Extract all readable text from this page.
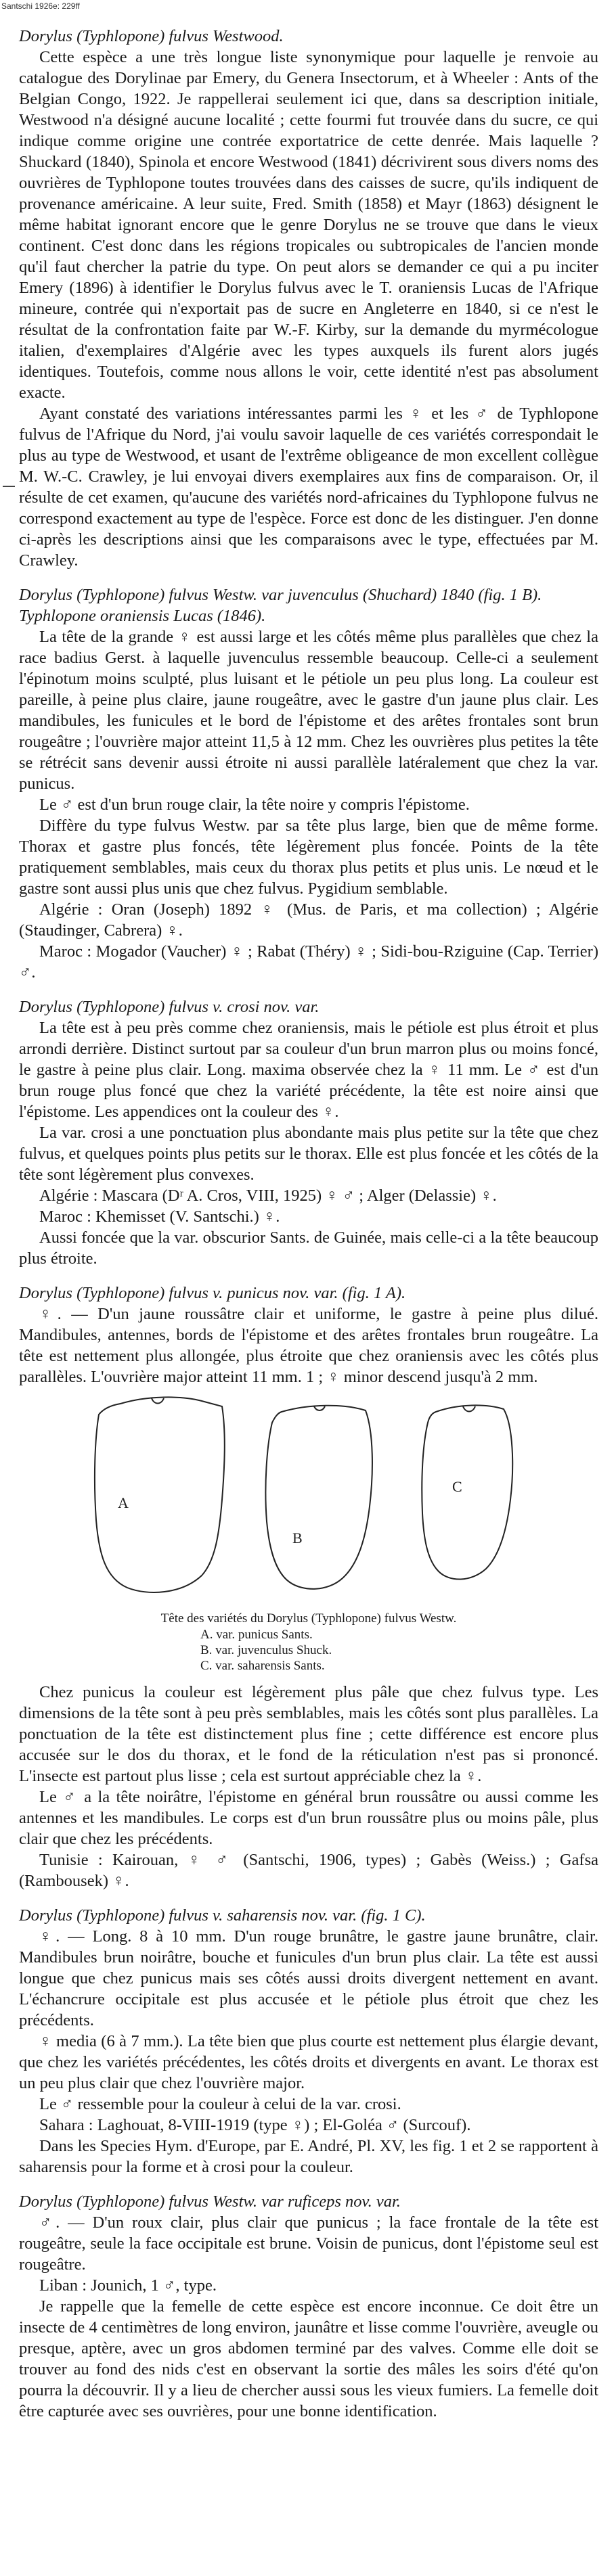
Santschi 1926e: 229ff

Dorylus (Typhlopone) fulvus Westwood.

Cette espèce a une très longue liste synonymique pour laquelle je renvoie au catalogue des Dorylinae par Emery, du Genera Insectorum, et à Wheeler : Ants of the Belgian Congo, 1922. Je rappellerai seulement ici que, dans sa description initiale, Westwood n'a désigné aucune localité ; cette fourmi fut trouvée dans du sucre, ce qui indique comme origine une contrée exportatrice de cette denrée. Mais laquelle ? Shuckard (1840), Spinola et encore Westwood (1841) décrivirent sous divers noms des ouvrières de Typhlopone toutes trouvées dans des caisses de sucre, qu'ils indiquent de provenance américaine. A leur suite, Fred. Smith (1858) et Mayr (1863) désignent le même habitat ignorant encore que le genre Dorylus ne se trouve que dans le vieux continent. C'est donc dans les régions tropicales ou subtropicales de l'ancien monde qu'il faut chercher la patrie du type. On peut alors se demander ce qui a pu inciter Emery (1896) à identifier le Dorylus fulvus avec le T. oraniensis Lucas de l'Afrique mineure, contrée qui n'exportait pas de sucre en Angleterre en 1840, si ce n'est le résultat de la confrontation faite par W.-F. Kirby, sur la demande du myrmécologue italien, d'exemplaires d'Algérie avec les types auxquels ils furent alors jugés identiques. Toutefois, comme nous allons le voir, cette identité n'est pas absolument exacte.

Ayant constaté des variations intéressantes parmi les ♀ et les ♂ de Typhlopone fulvus de l'Afrique du Nord, j'ai voulu savoir laquelle de ces variétés correspondait le plus au type de Westwood, et usant de l'extrême obligeance de mon excellent collègue M. W.-C. Crawley, je lui envoyai divers exemplaires aux fins de comparaison. Or, il résulte de cet examen, qu'aucune des variétés nord-africaines du Typhlopone fulvus ne correspond exactement au type de l'espèce. Force est donc de les distinguer. J'en donne ci-après les descriptions ainsi que les comparaisons avec le type, effectuées par M. Crawley.

Dorylus (Typhlopone) fulvus Westw. var juvenculus (Shuchard) 1840 (fig. 1 B).

Typhlopone oraniensis Lucas (1846).

La tête de la grande ♀ est aussi large et les côtés même plus parallèles que chez la race badius Gerst. à laquelle juvenculus ressemble beaucoup. Celle-ci a seulement l'épinotum moins sculpté, plus luisant et le pétiole un peu plus long. La couleur est pareille, à peine plus claire, jaune rougeâtre, avec le gastre d'un jaune plus clair. Les mandibules, les funicules et le bord de l'épistome et des arêtes frontales sont brun rougeâtre ; l'ouvrière major atteint 11,5 à 12 mm. Chez les ouvrières plus petites la tête se rétrécit sans devenir aussi étroite ni aussi parallèle latéralement que chez la var. punicus.

Le ♂ est d'un brun rouge clair, la tête noire y compris l'épistome.

Diffère du type fulvus Westw. par sa tête plus large, bien que de même forme. Thorax et gastre plus foncés, tête légèrement plus foncée. Points de la tête pratiquement semblables, mais ceux du thorax plus petits et plus unis. Le nœud et le gastre sont aussi plus unis que chez fulvus. Pygidium semblable.

Algérie : Oran (Joseph) 1892 ♀ (Mus. de Paris, et ma collection) ; Algérie (Staudinger, Cabrera) ♀.

Maroc : Mogador (Vaucher) ♀ ; Rabat (Théry) ♀ ; Sidi-bou-Rziguine (Cap. Terrier) ♂.

Dorylus (Typhlopone) fulvus v. crosi nov. var.

La tête est à peu près comme chez oraniensis, mais le pétiole est plus étroit et plus arrondi derrière. Distinct surtout par sa couleur d'un brun marron plus ou moins foncé, le gastre à peine plus clair. Long. maxima observée chez la ♀ 11 mm. Le ♂ est d'un brun rouge plus foncé que chez la variété précédente, la tête est noire ainsi que l'épistome. Les appendices ont la couleur des ♀.

La var. crosi a une ponctuation plus abondante mais plus petite sur la tête que chez fulvus, et quelques points plus petits sur le thorax. Elle est plus foncée et les côtés de la tête sont légèrement plus convexes.

Algérie : Mascara (Dʳ A. Cros, VIII, 1925) ♀ ♂ ; Alger (Delassie) ♀.

Maroc : Khemisset (V. Santschi.) ♀.

Aussi foncée que la var. obscurior Sants. de Guinée, mais celle-ci a la tête beaucoup plus étroite.

Dorylus (Typhlopone) fulvus v. punicus nov. var. (fig. 1 A).

♀. — D'un jaune roussâtre clair et uniforme, le gastre à peine plus dilué. Mandibules, antennes, bords de l'épistome et des arêtes frontales brun rougeâtre. La tête est nettement plus allongée, plus étroite que chez oraniensis avec les côtés plus parallèles. L'ouvrière major atteint 11 mm. 1 ; ♀ minor descend jusqu'à 2 mm.

A
B
C
Tête des variétés du Dorylus (Typhlopone) fulvus Westw.
A. var. punicus Sants.
B. var. juvenculus Shuck.
C. var. saharensis Sants.

Chez punicus la couleur est légèrement plus pâle que chez fulvus type. Les dimensions de la tête sont à peu près semblables, mais les côtés sont plus parallèles. La ponctuation de la tête est distinctement plus fine ; cette différence est encore plus accusée sur le dos du thorax, et le fond de la réticulation n'est pas si prononcé. L'insecte est partout plus lisse ; cela est surtout appréciable chez la ♀.

Le ♂ a la tête noirâtre, l'épistome en général brun roussâtre ou aussi comme les antennes et les mandibules. Le corps est d'un brun roussâtre plus ou moins pâle, plus clair que chez les précédents.

Tunisie : Kairouan, ♀ ♂ (Santschi, 1906, types) ; Gabès (Weiss.) ; Gafsa (Rambousek) ♀.

Dorylus (Typhlopone) fulvus v. saharensis nov. var. (fig. 1 C).

♀. — Long. 8 à 10 mm. D'un rouge brunâtre, le gastre jaune brunâtre, clair. Mandibules brun noirâtre, bouche et funicules d'un brun plus clair. La tête est aussi longue que chez punicus mais ses côtés aussi droits divergent nettement en avant. L'échancrure occipitale est plus accusée et le pétiole plus étroit que chez les précédents.

♀ media (6 à 7 mm.). La tête bien que plus courte est nettement plus élargie devant, que chez les variétés précédentes, les côtés droits et divergents en avant. Le thorax est un peu plus clair que chez l'ouvrière major.

Le ♂ ressemble pour la couleur à celui de la var. crosi.

Sahara : Laghouat, 8-VIII-1919 (type ♀) ; El-Goléa ♂ (Surcouf).

Dans les Species Hym. d'Europe, par E. André, Pl. XV, les fig. 1 et 2 se rapportent à saharensis pour la forme et à crosi pour la couleur.

Dorylus (Typhlopone) fulvus Westw. var ruficeps nov. var.

♂. — D'un roux clair, plus clair que punicus ; la face frontale de la tête est rougeâtre, seule la face occipitale est brune. Voisin de punicus, dont l'épistome seul est rougeâtre.

Liban : Jounich, 1 ♂, type.

Je rappelle que la femelle de cette espèce est encore inconnue. Ce doit être un insecte de 4 centimètres de long environ, jaunâtre et lisse comme l'ouvrière, aveugle ou presque, aptère, avec un gros abdomen terminé par des valves. Comme elle doit se trouver au fond des nids c'est en observant la sortie des mâles les soirs d'été qu'on pourra la découvrir. Il y a lieu de chercher aussi sous les vieux fumiers. La femelle doit être capturée avec ses ouvrières, pour une bonne identification.
